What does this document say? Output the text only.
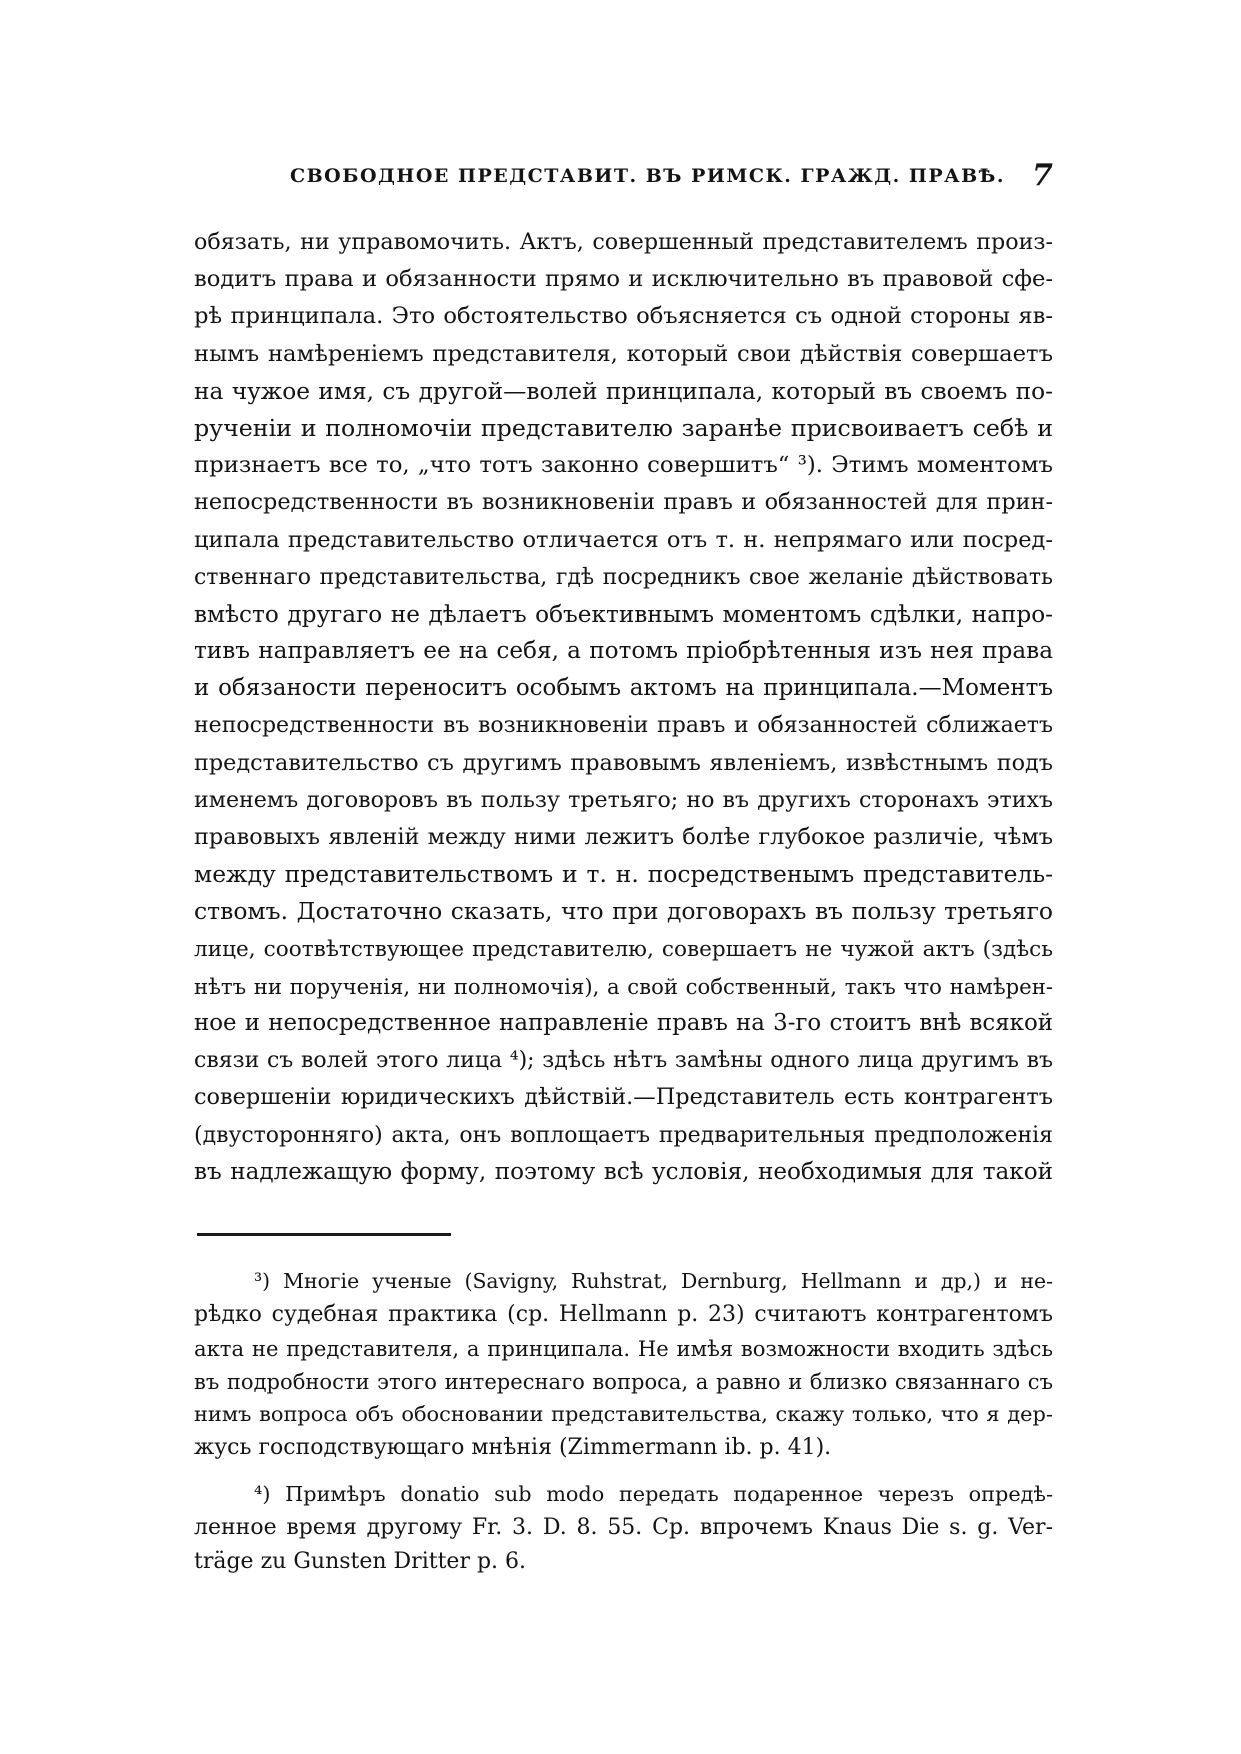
СВОБОДНОЕ ПРЕДСТАВИТ. ВЪ РИМСК. ГРАЖД. ПРАВѢ. 7
обязать, ни управомочить. Актъ, совершенный представителемъ произ-
водитъ права и обязанности прямо и исключительно въ правовой сфе-
рѣ принципала. Это обстоятельство объясняется съ одной стороны яв-
нымъ намѣреніемъ представителя, который свои дѣйствія совершаетъ
на чужое имя, съ другой—волей принципала, который въ своемъ по-
рученіи и полномочіи представителю заранѣе присвоиваетъ себѣ и
признаетъ все то, „что тотъ законно совершитъ“ ³). Этимъ моментомъ
непосредственности въ возникновеніи правъ и обязанностей для прин-
ципала представительство отличается отъ т. н. непрямаго или посред-
ственнаго представительства, гдѣ посредникъ свое желаніе дѣйствовать
вмѣсто другаго не дѣлаетъ объективнымъ моментомъ сдѣлки, напро-
тивъ направляетъ ее на себя, а потомъ пріобрѣтенныя изъ нея права
и обязаности переноситъ особымъ актомъ на принципала.—Моментъ
непосредственности въ возникновеніи правъ и обязанностей сближаетъ
представительство съ другимъ правовымъ явленіемъ, извѣстнымъ подъ
именемъ договоровъ въ пользу третьяго; но въ другихъ сторонахъ этихъ
правовыхъ явленій между ними лежитъ болѣе глубокое различіе, чѣмъ
между представительствомъ и т. н. посредственымъ представитель-
ствомъ. Достаточно сказать, что при договорахъ въ пользу третьяго
лице, соотвѣтствующее представителю, совершаетъ не чужой актъ (здѣсь
нѣтъ ни порученія, ни полномочія), а свой собственный, такъ что намѣрен-
ное и непосредственное направленіе правъ на 3-го стоитъ внѣ всякой
связи съ волей этого лица ⁴); здѣсь нѣтъ замѣны одного лица другимъ въ
совершеніи юридическихъ дѣйствій.—Представитель есть контрагентъ
(двусторонняго) акта, онъ воплощаетъ предварительныя предположенія
въ надлежащую форму, поэтому всѣ условія, необходимыя для такой
³) Многіе ученые (Savigny, Ruhstrat, Dernburg, Hellmann и др,) и не-
рѣдко судебная практика (ср. Hellmann p. 23) считаютъ контрагентомъ
акта не представителя, а принципала. Не имѣя возможности входить здѣсь
въ подробности этого интереснаго вопроса, а равно и близко связаннаго съ
нимъ вопроса объ обосновании представительства, скажу только, что я дер-
жусь господствующаго мнѣнія (Zimmermann ib. p. 41).
⁴) Примѣръ donatio sub modo передать подаренное черезъ опредѣ-
ленное время другому Fr. 3. D. 8. 55. Ср. впрочемъ Knaus Die s. g. Ver-
träge zu Gunsten Dritter p. 6.
